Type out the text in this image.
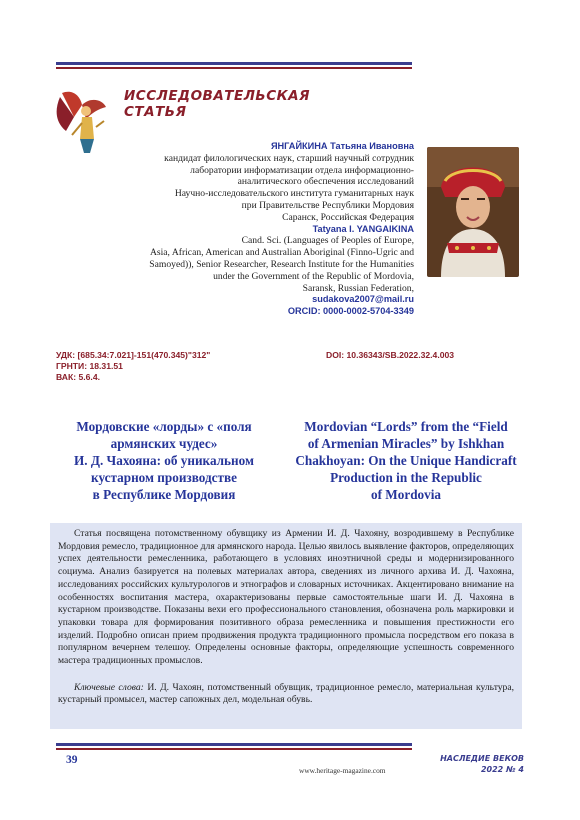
ИССЛЕДОВАТЕЛЬСКАЯ
СТАТЬЯ
ЯНГАЙКИНА Татьяна Ивановна
кандидат филологических наук, старший научный сотрудник
лаборатории информатизации отдела информационно-
аналитического обеспечения исследований
Научно-исследовательского института гуманитарных наук
при Правительстве Республики Мордовия
Саранск, Российская Федерация
Tatyana I. YANGAIKINA
Cand. Sci. (Languages of Peoples of Europe,
Asia, African, American and Australian Aboriginal (Finno-Ugric and
Samoyed)), Senior Researcher, Research Institute for the Humanities
under the Government of the Republic of Mordovia,
Saransk, Russian Federation,
sudakova2007@mail.ru
ORCID: 0000-0002-5704-3349
УДК: [685.34:7.021]-151(470.345)"312"
ГРНТИ: 18.31.51
ВАК: 5.6.4.
DOI: 10.36343/SB.2022.32.4.003
Мордовские «лорды» с «поля
армянских чудес»
И. Д. Чахояна: об уникальном
кустарном производстве
в Республике Мордовия
Mordovian “Lords” from the “Field
of Armenian Miracles” by Ishkhan
Chakhoyan: On the Unique Handicraft
Production in the Republic
of Mordovia

Статья посвящена потомственному обувщику из Армении И. Д. Чахояну, возродившему в Республике Мордовия ремесло, традиционное для армянского народа. Целью явилось выявление факторов, определяющих успех деятельности ремесленника, работающего в условиях иноэтничной среды и модернизированного социума. Анализ базируется на полевых материалах автора, сведениях из личного архива И. Д. Чахояна, исследованиях российских культурологов и этнографов и словарных источниках. Акцентировано внимание на особенностях воспитания мастера, охарактеризованы первые самостоятельные шаги И. Д. Чахояна в кустарном производстве. Показаны вехи его профессионального становления, обозначена роль маркировки и упаковки товара для формирования позитивного образа ремесленника и повышения престижности его изделий. Подробно описан прием продвижения продукта традиционного промысла посредством его показа в популярном вечернем телешоу. Определены основные факторы, определяющие успешность современного мастера традиционных промыслов.

Ключевые слова: И. Д. Чахоян, потомственный обувщик, традиционное ремесло, материальная культура, кустарный промысел, мастер сапожных дел, модельная обувь.

39
www.heritage-magazine.com
НАСЛЕДИЕ ВЕКОВ
2022 № 4
